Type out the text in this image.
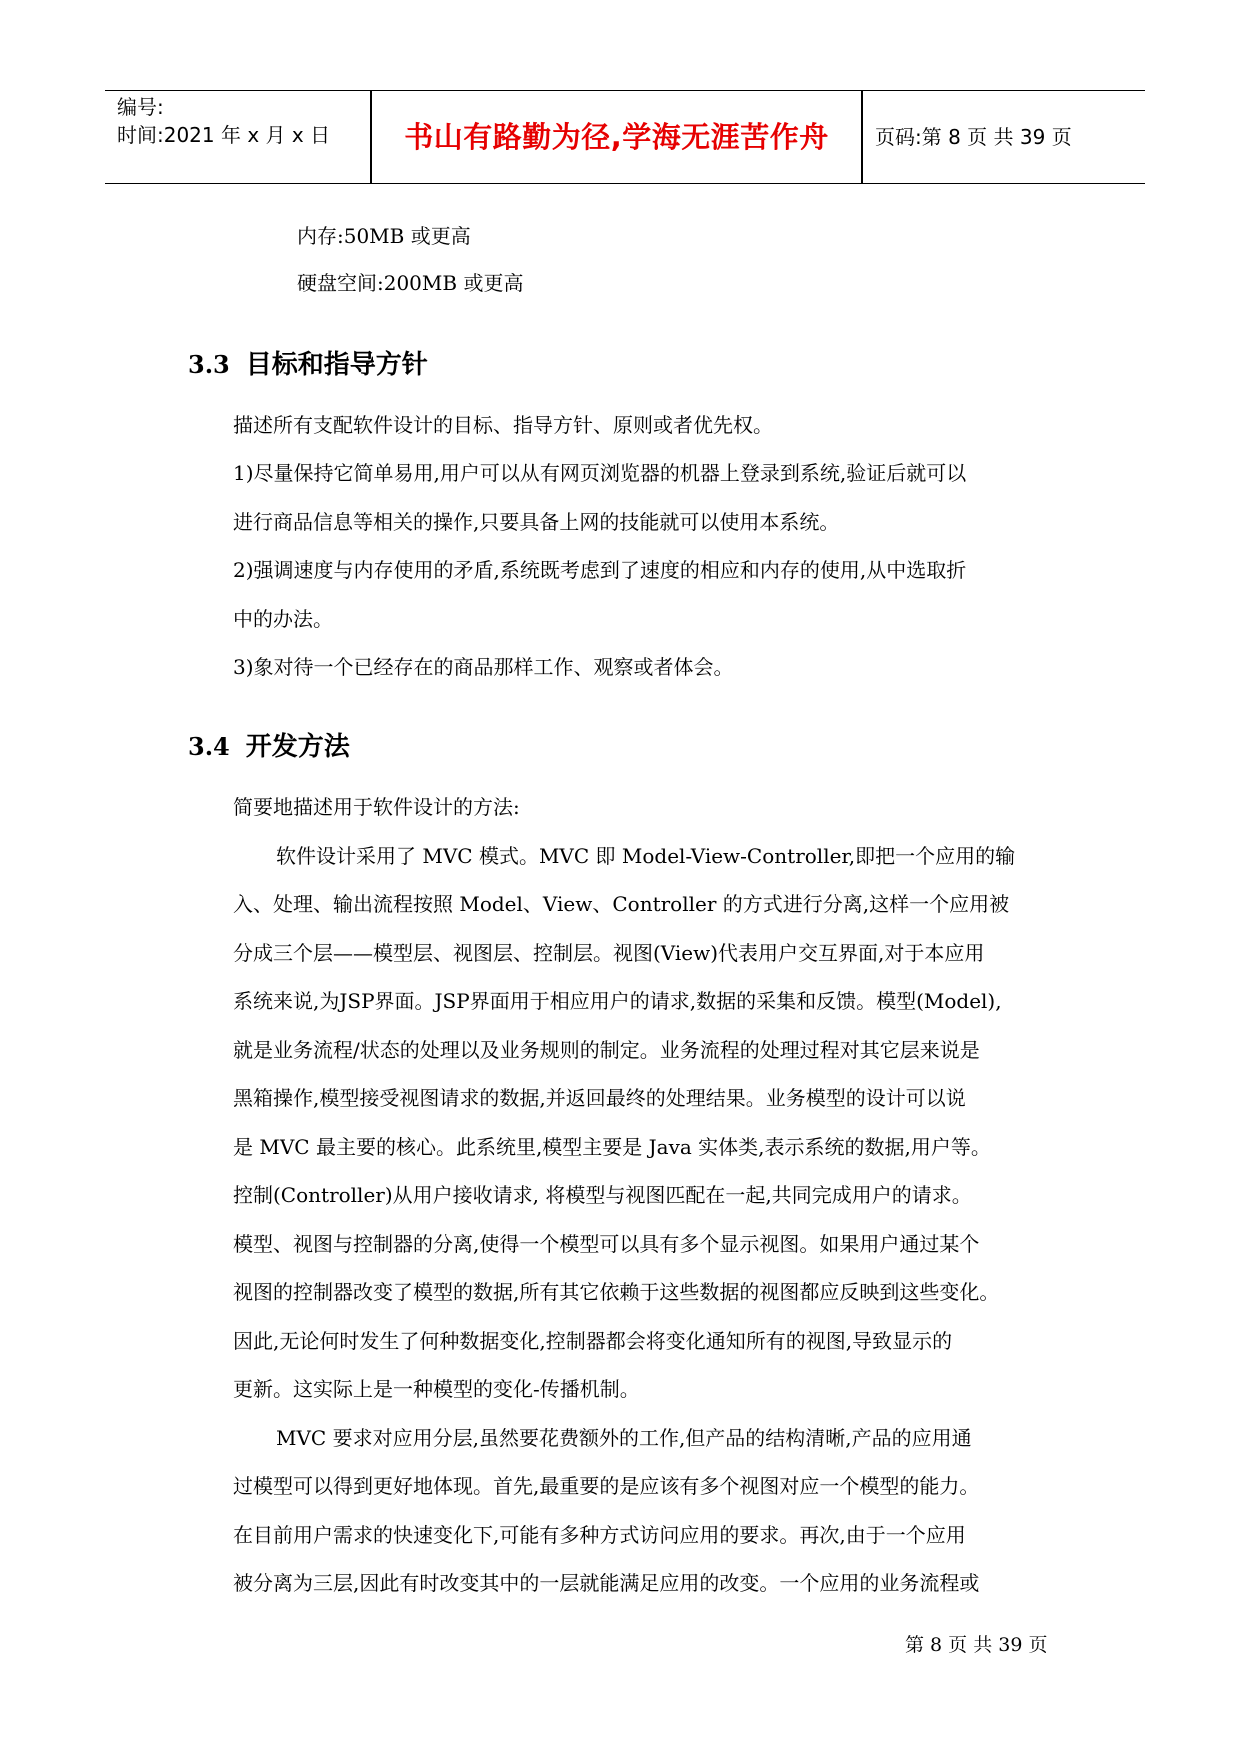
编号:
时间:2021 年 x 月 x 日	书山有路勤为径,学海无涯苦作舟	页码:第 8 页 共 39 页
内存:50MB 或更高
硬盘空间:200MB 或更高
3.3 目标和指导方针
描述所有支配软件设计的目标、指导方针、原则或者优先权。
1)尽量保持它简单易用,用户可以从有网页浏览器的机器上登录到系统,验证后就可以
进行商品信息等相关的操作,只要具备上网的技能就可以使用本系统。
2)强调速度与内存使用的矛盾,系统既考虑到了速度的相应和内存的使用,从中选取折
中的办法。
3)象对待一个已经存在的商品那样工作、观察或者体会。
3.4 开发方法
简要地描述用于软件设计的方法:
软件设计采用了 MVC 模式。MVC 即 Model-View-Controller,即把一个应用的输
入、处理、输出流程按照 Model、View、Controller 的方式进行分离,这样一个应用被
分成三个层——模型层、视图层、控制层。视图(View)代表用户交互界面,对于本应用
系统来说,为JSP界面。JSP界面用于相应用户的请求,数据的采集和反馈。模型(Model),
就是业务流程/状态的处理以及业务规则的制定。业务流程的处理过程对其它层来说是
黑箱操作,模型接受视图请求的数据,并返回最终的处理结果。业务模型的设计可以说
是 MVC 最主要的核心。此系统里,模型主要是 Java 实体类,表示系统的数据,用户等。
控制(Controller)从用户接收请求, 将模型与视图匹配在一起,共同完成用户的请求。
模型、视图与控制器的分离,使得一个模型可以具有多个显示视图。如果用户通过某个
视图的控制器改变了模型的数据,所有其它依赖于这些数据的视图都应反映到这些变化。
因此,无论何时发生了何种数据变化,控制器都会将变化通知所有的视图,导致显示的
更新。这实际上是一种模型的变化-传播机制。
MVC 要求对应用分层,虽然要花费额外的工作,但产品的结构清晰,产品的应用通
过模型可以得到更好地体现。首先,最重要的是应该有多个视图对应一个模型的能力。
在目前用户需求的快速变化下,可能有多种方式访问应用的要求。再次,由于一个应用
被分离为三层,因此有时改变其中的一层就能满足应用的改变。一个应用的业务流程或
第 8 页 共 39 页
